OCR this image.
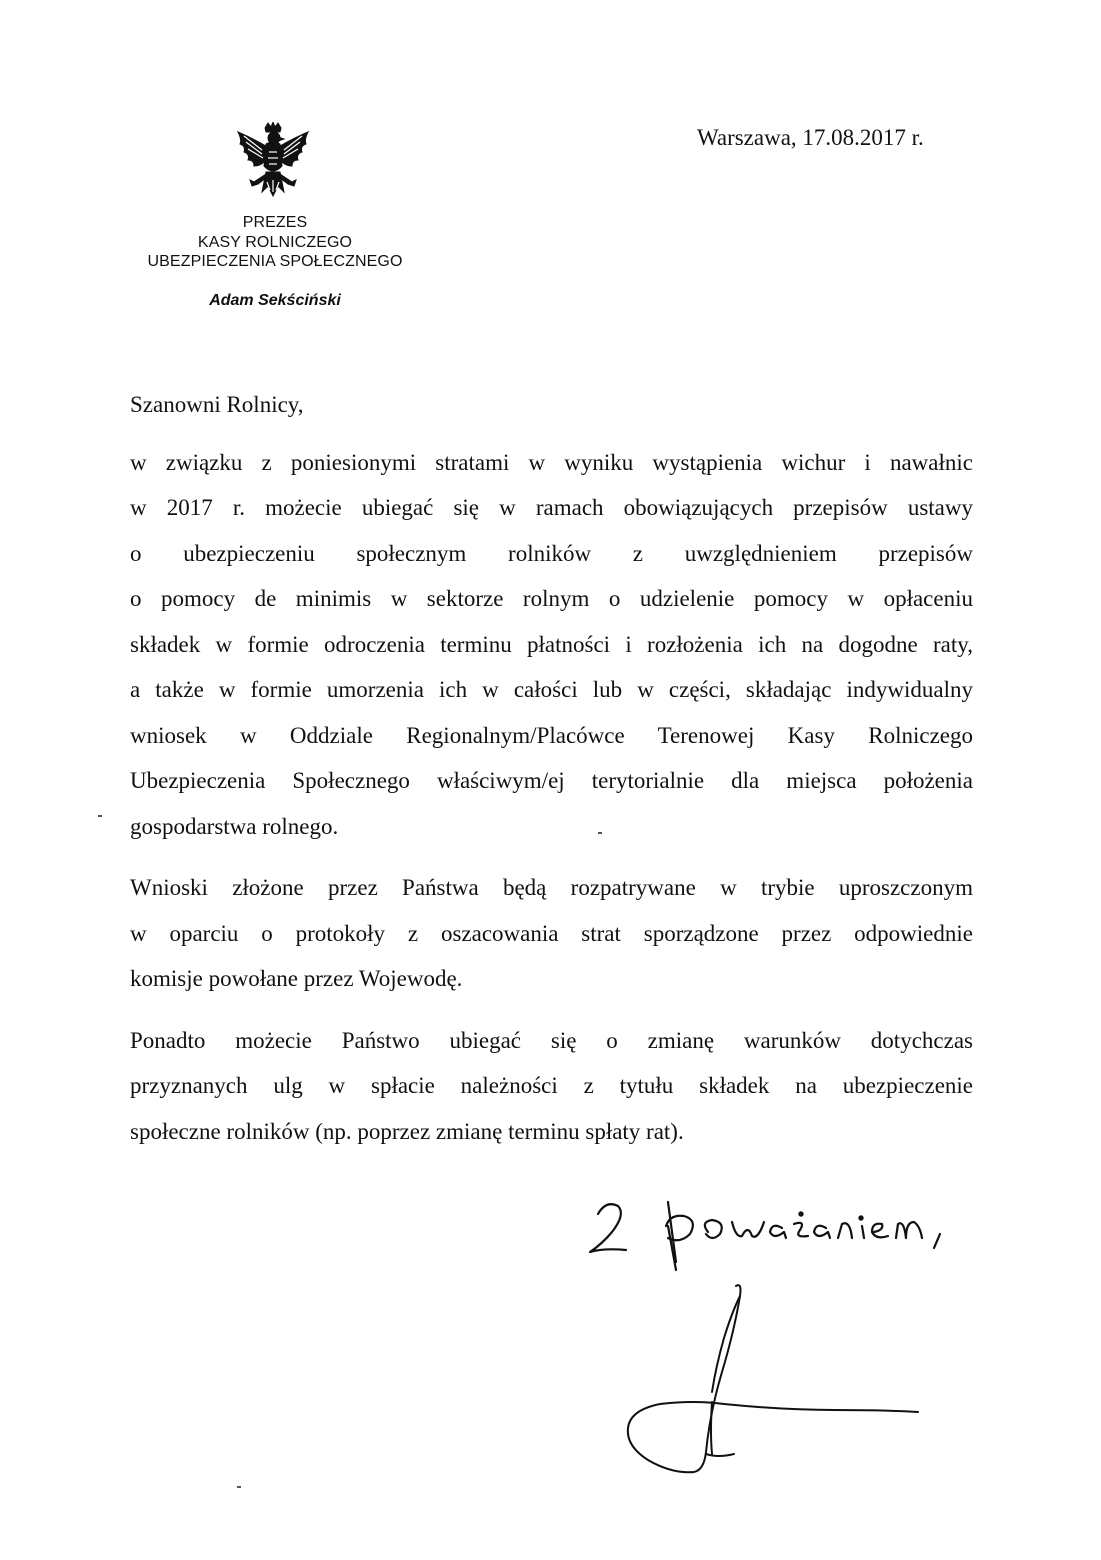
Warszawa, 17.08.2017 r.
PREZES
KASY ROLNICZEGO
UBEZPIECZENIA SPOŁECZNEGO
Adam Sekściński

Szanowni Rolnicy,

w związku z poniesionymi stratami w wyniku wystąpienia wichur i nawałnic
w 2017 r. możecie ubiegać się w ramach obowiązujących przepisów ustawy
o ubezpieczeniu społecznym rolników z uwzględnieniem przepisów
o pomocy de minimis w sektorze rolnym o udzielenie pomocy w opłaceniu
składek w formie odroczenia terminu płatności i rozłożenia ich na dogodne raty,
a także w formie umorzenia ich w całości lub w części, składając indywidualny
wniosek w Oddziale Regionalnym/Placówce Terenowej Kasy Rolniczego
Ubezpieczenia Społecznego właściwym/ej terytorialnie dla miejsca położenia
gospodarstwa rolnego.

Wnioski złożone przez Państwa będą rozpatrywane w trybie uproszczonym
w oparciu o protokoły z oszacowania strat sporządzone przez odpowiednie
komisje powołane przez Wojewodę.

Ponadto możecie Państwo ubiegać się o zmianę warunków dotychczas
przyznanych ulg w spłacie należności z tytułu składek na ubezpieczenie
społeczne rolników (np. poprzez zmianę terminu spłaty rat).
